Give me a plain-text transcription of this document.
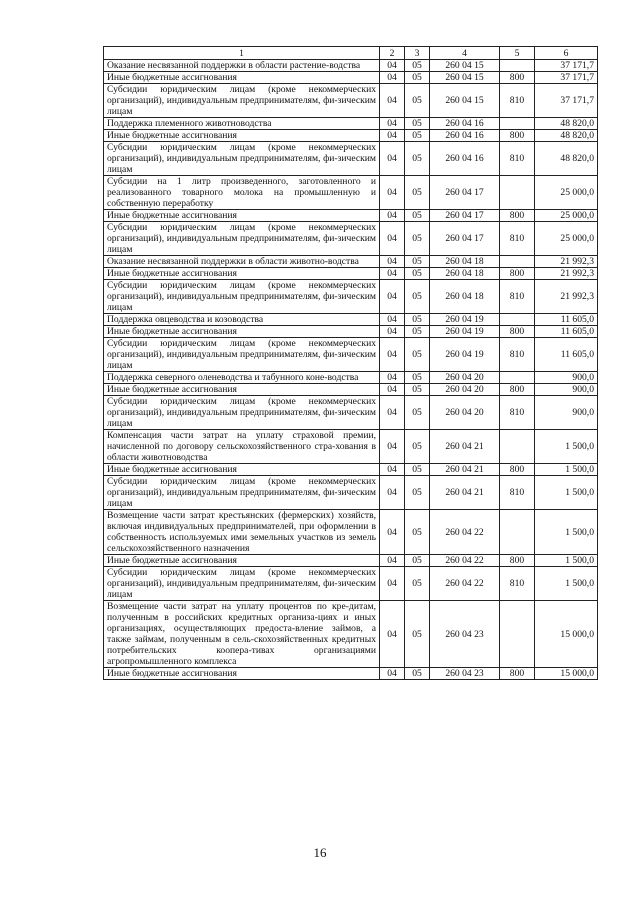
1	2	3	4	5	6
Оказание несвязанной поддержки в области растение-водства	04	05	260 04 15		37 171,7
Иные бюджетные ассигнования	04	05	260 04 15	800	37 171,7
Субсидии юридическим лицам (кроме некоммерческих организаций), индивидуальным предпринимателям, фи-зическим лицам	04	05	260 04 15	810	37 171,7
Поддержка племенного животноводства	04	05	260 04 16		48 820,0
Иные бюджетные ассигнования	04	05	260 04 16	800	48 820,0
Субсидии юридическим лицам (кроме некоммерческих организаций), индивидуальным предпринимателям, фи-зическим лицам	04	05	260 04 16	810	48 820,0
Субсидии на 1 литр произведенного, заготовленного и реализованного товарного молока на промышленную и собственную переработку	04	05	260 04 17		25 000,0
Иные бюджетные ассигнования	04	05	260 04 17	800	25 000,0
Субсидии юридическим лицам (кроме некоммерческих организаций), индивидуальным предпринимателям, фи-зическим лицам	04	05	260 04 17	810	25 000,0
Оказание несвязанной поддержки в области животно-водства	04	05	260 04 18		21 992,3
Иные бюджетные ассигнования	04	05	260 04 18	800	21 992,3
Субсидии юридическим лицам (кроме некоммерческих организаций), индивидуальным предпринимателям, фи-зическим лицам	04	05	260 04 18	810	21 992,3
Поддержка овцеводства и козоводства	04	05	260 04 19		11 605,0
Иные бюджетные ассигнования	04	05	260 04 19	800	11 605,0
Субсидии юридическим лицам (кроме некоммерческих организаций), индивидуальным предпринимателям, фи-зическим лицам	04	05	260 04 19	810	11 605,0
Поддержка северного оленеводства и табунного коне-водства	04	05	260 04 20		900,0
Иные бюджетные ассигнования	04	05	260 04 20	800	900,0
Субсидии юридическим лицам (кроме некоммерческих организаций), индивидуальным предпринимателям, фи-зическим лицам	04	05	260 04 20	810	900,0
Компенсация части затрат на уплату страховой премии, начисленной по договору сельскохозяйственного стра-хования в области животноводства	04	05	260 04 21		1 500,0
Иные бюджетные ассигнования	04	05	260 04 21	800	1 500,0
Субсидии юридическим лицам (кроме некоммерческих организаций), индивидуальным предпринимателям, фи-зическим лицам	04	05	260 04 21	810	1 500,0
Возмещение части затрат крестьянских (фермерских) хозяйств, включая индивидуальных предпринимателей, при оформлении в собственность используемых ими земельных участков из земель сельскохозяйственного назначения	04	05	260 04 22		1 500,0
Иные бюджетные ассигнования	04	05	260 04 22	800	1 500,0
Субсидии юридическим лицам (кроме некоммерческих организаций), индивидуальным предпринимателям, фи-зическим лицам	04	05	260 04 22	810	1 500,0
Возмещение части затрат на уплату процентов по кре-дитам, полученным в российских кредитных организа-циях и иных организациях, осуществляющих предоста-вление займов, а также займам, полученным в сель-скохозяйственных кредитных потребительских коопера-тивах организациями агропромышленного комплекса	04	05	260 04 23		15 000,0
Иные бюджетные ассигнования	04	05	260 04 23	800	15 000,0
16
